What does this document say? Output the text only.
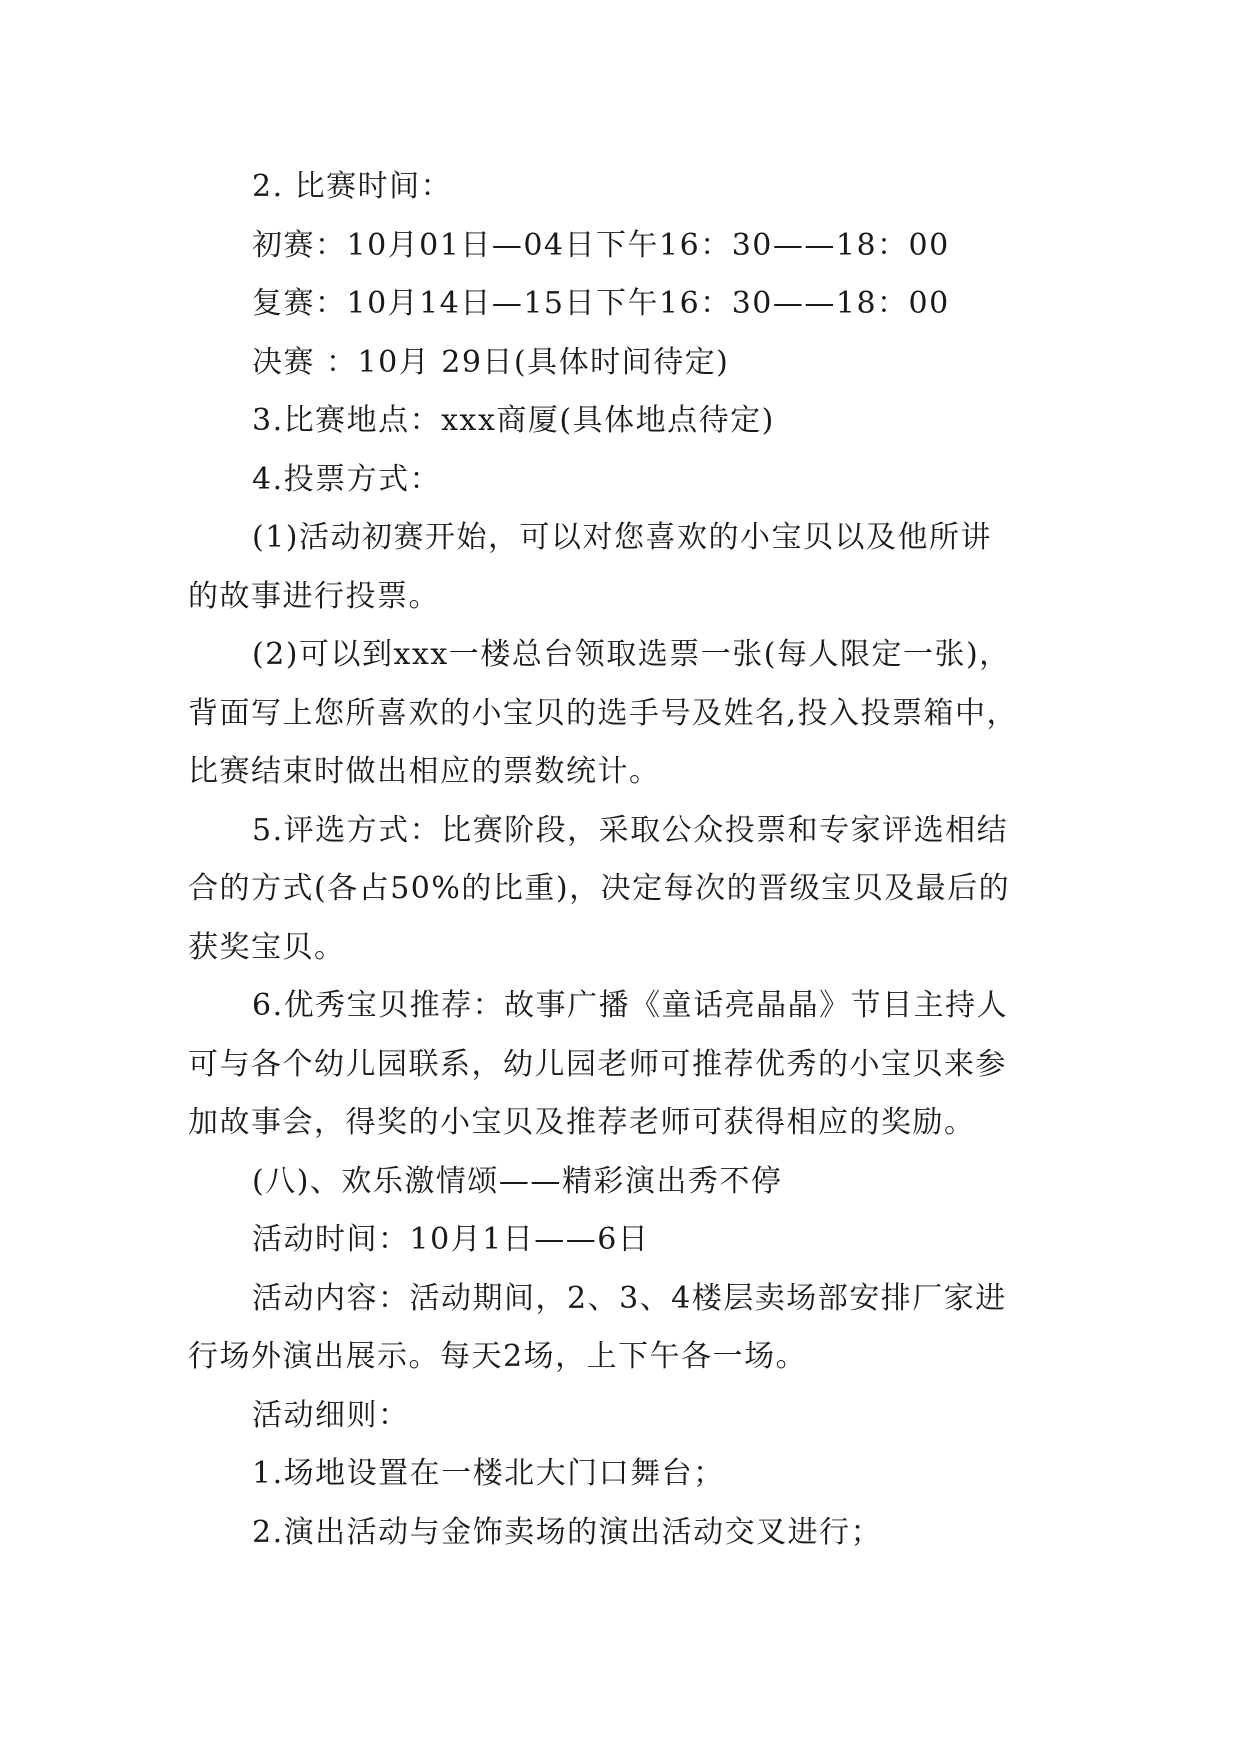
2. 比赛时间：
初赛：10月01日—04日下午16：30——18：00
复赛：10月14日—15日下午16：30——18：00
决赛 ：10月 29日(具体时间待定)
3.比赛地点：xxx商厦(具体地点待定)
4.投票方式：
(1)活动初赛开始，可以对您喜欢的小宝贝以及他所讲
的故事进行投票。
(2)可以到xxx一楼总台领取选票一张(每人限定一张)，
背面写上您所喜欢的小宝贝的选手号及姓名,投入投票箱中，
比赛结束时做出相应的票数统计。
5.评选方式：比赛阶段，采取公众投票和专家评选相结
合的方式(各占50%的比重)，决定每次的晋级宝贝及最后的
获奖宝贝。
6.优秀宝贝推荐：故事广播《童话亮晶晶》节目主持人
可与各个幼儿园联系，幼儿园老师可推荐优秀的小宝贝来参
加故事会，得奖的小宝贝及推荐老师可获得相应的奖励。
(八)、欢乐激情颂——精彩演出秀不停
活动时间：10月1日——6日
活动内容：活动期间，2、3、4楼层卖场部安排厂家进
行场外演出展示。每天2场，上下午各一场。
活动细则：
1.场地设置在一楼北大门口舞台；
2.演出活动与金饰卖场的演出活动交叉进行；
